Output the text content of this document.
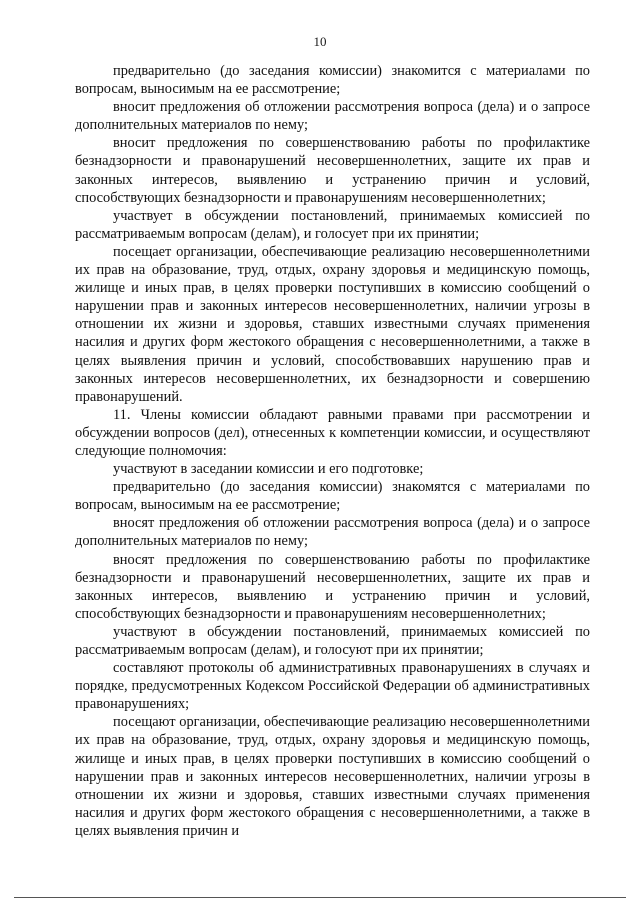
10

предварительно (до заседания комиссии) знакомится с материалами по вопросам, выносимым на ее рассмотрение;

вносит предложения об отложении рассмотрения вопроса (дела) и о запросе дополнительных материалов по нему;

вносит предложения по совершенствованию работы по профилактике безнадзорности и правонарушений несовершеннолетних, защите их прав и законных интересов, выявлению и устранению причин и условий, способствующих безнадзорности и правонарушениям несовершеннолетних;

участвует в обсуждении постановлений, принимаемых комиссией по рассматриваемым вопросам (делам), и голосует при их принятии;

посещает организации, обеспечивающие реализацию несовершеннолетними их прав на образование, труд, отдых, охрану здоровья и медицинскую помощь, жилище и иных прав, в целях проверки поступивших в комиссию сообщений о нарушении прав и законных интересов несовершеннолетних, наличии угрозы в отношении их жизни и здоровья, ставших известными случаях применения насилия и других форм жестокого обращения с несовершеннолетними, а также в целях выявления причин и условий, способствовавших нарушению прав и законных интересов несовершеннолетних, их безнадзорности и совершению правонарушений.

11. Члены комиссии обладают равными правами при рассмотрении и обсуждении вопросов (дел), отнесенных к компетенции комиссии, и осуществляют следующие полномочия:

участвуют в заседании комиссии и его подготовке;

предварительно (до заседания комиссии) знакомятся с материалами по вопросам, выносимым на ее рассмотрение;

вносят предложения об отложении рассмотрения вопроса (дела) и о запросе дополнительных материалов по нему;

вносят предложения по совершенствованию работы по профилактике безнадзорности и правонарушений несовершеннолетних, защите их прав и законных интересов, выявлению и устранению причин и условий, способствующих безнадзорности и правонарушениям несовершеннолетних;

участвуют в обсуждении постановлений, принимаемых комиссией по рассматриваемым вопросам (делам), и голосуют при их принятии;

составляют протоколы об административных правонарушениях в случаях и порядке, предусмотренных Кодексом Российской Федерации об административных правонарушениях;

посещают организации, обеспечивающие реализацию несовершеннолетними их прав на образование, труд, отдых, охрану здоровья и медицинскую помощь, жилище и иных прав, в целях проверки поступивших в комиссию сообщений о нарушении прав и законных интересов несовершеннолетних, наличии угрозы в отношении их жизни и здоровья, ставших известными случаях применения насилия и других форм жестокого обращения с несовершеннолетними, а также в целях выявления причин и
